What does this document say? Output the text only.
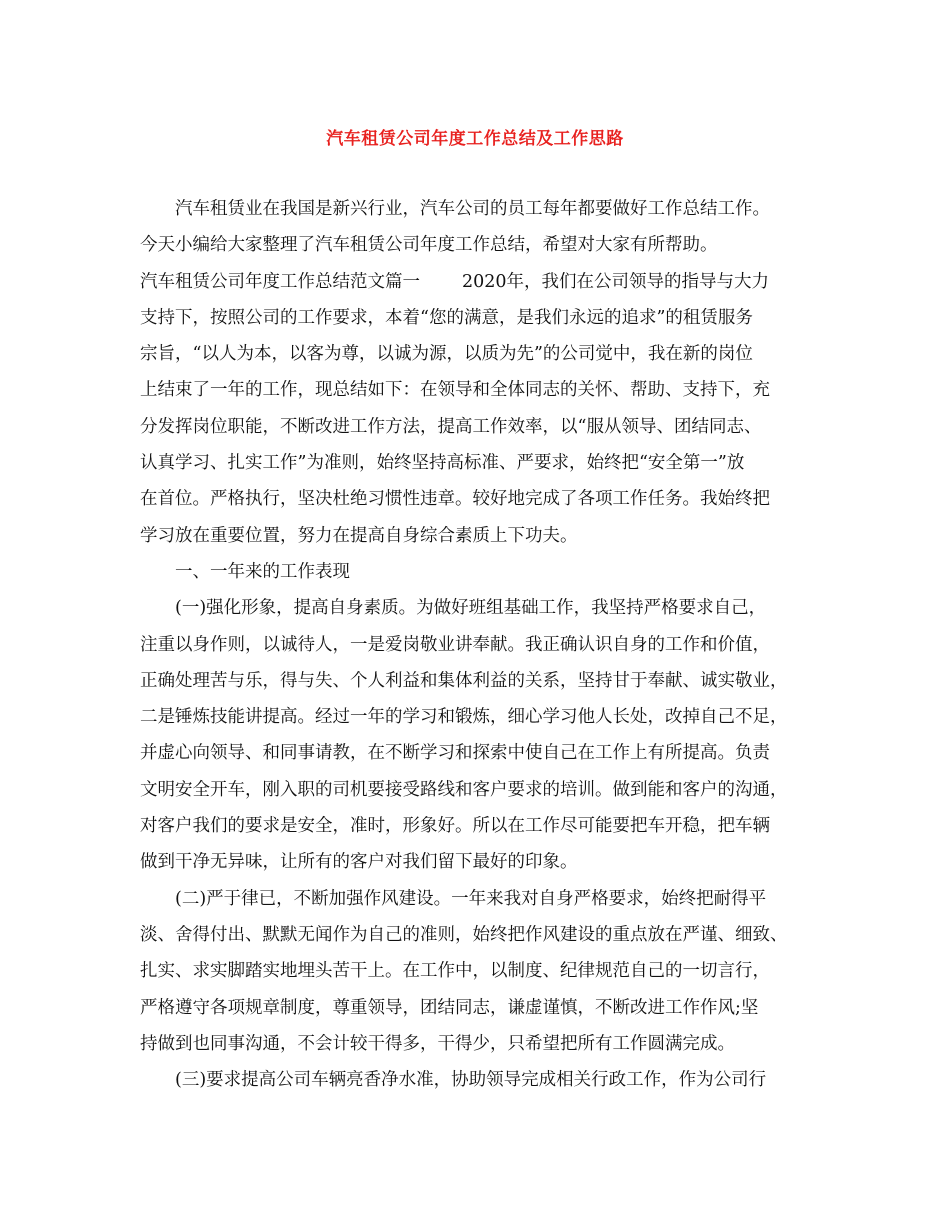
汽车租赁公司年度工作总结及工作思路
汽车租赁业在我国是新兴行业，汽车公司的员工每年都要做好工作总结工作。
今天小编给大家整理了汽车租赁公司年度工作总结，希望对大家有所帮助。
汽车租赁公司年度工作总结范文篇一 2020年，我们在公司领导的指导与大力
支持下，按照公司的工作要求，本着“您的满意，是我们永远的追求”的租赁服务
宗旨，“以人为本，以客为尊，以诚为源，以质为先”的公司觉中，我在新的岗位
上结束了一年的工作，现总结如下：在领导和全体同志的关怀、帮助、支持下，充
分发挥岗位职能，不断改进工作方法，提高工作效率，以“服从领导、团结同志、
认真学习、扎实工作”为准则，始终坚持高标准、严要求，始终把“安全第一”放
在首位。严格执行，坚决杜绝习惯性违章。较好地完成了各项工作任务。我始终把
学习放在重要位置，努力在提高自身综合素质上下功夫。
一、一年来的工作表现
(一)强化形象，提高自身素质。为做好班组基础工作，我坚持严格要求自己，
注重以身作则，以诚待人，一是爱岗敬业讲奉献。我正确认识自身的工作和价值，
正确处理苦与乐，得与失、个人利益和集体利益的关系，坚持甘于奉献、诚实敬业，
二是锤炼技能讲提高。经过一年的学习和锻炼，细心学习他人长处，改掉自己不足，
并虚心向领导、和同事请教，在不断学习和探索中使自己在工作上有所提高。负责
文明安全开车，刚入职的司机要接受路线和客户要求的培训。做到能和客户的沟通，
对客户我们的要求是安全，准时，形象好。所以在工作尽可能要把车开稳，把车辆
做到干净无异味，让所有的客户对我们留下最好的印象。
(二)严于律已，不断加强作风建设。一年来我对自身严格要求，始终把耐得平
淡、舍得付出、默默无闻作为自己的准则，始终把作风建设的重点放在严谨、细致、
扎实、求实脚踏实地埋头苦干上。在工作中，以制度、纪律规范自己的一切言行，
严格遵守各项规章制度，尊重领导，团结同志，谦虚谨慎，不断改进工作作风;坚
持做到也同事沟通，不会计较干得多，干得少，只希望把所有工作圆满完成。
(三)要求提高公司车辆亮香净水准，协助领导完成相关行政工作，作为公司行
